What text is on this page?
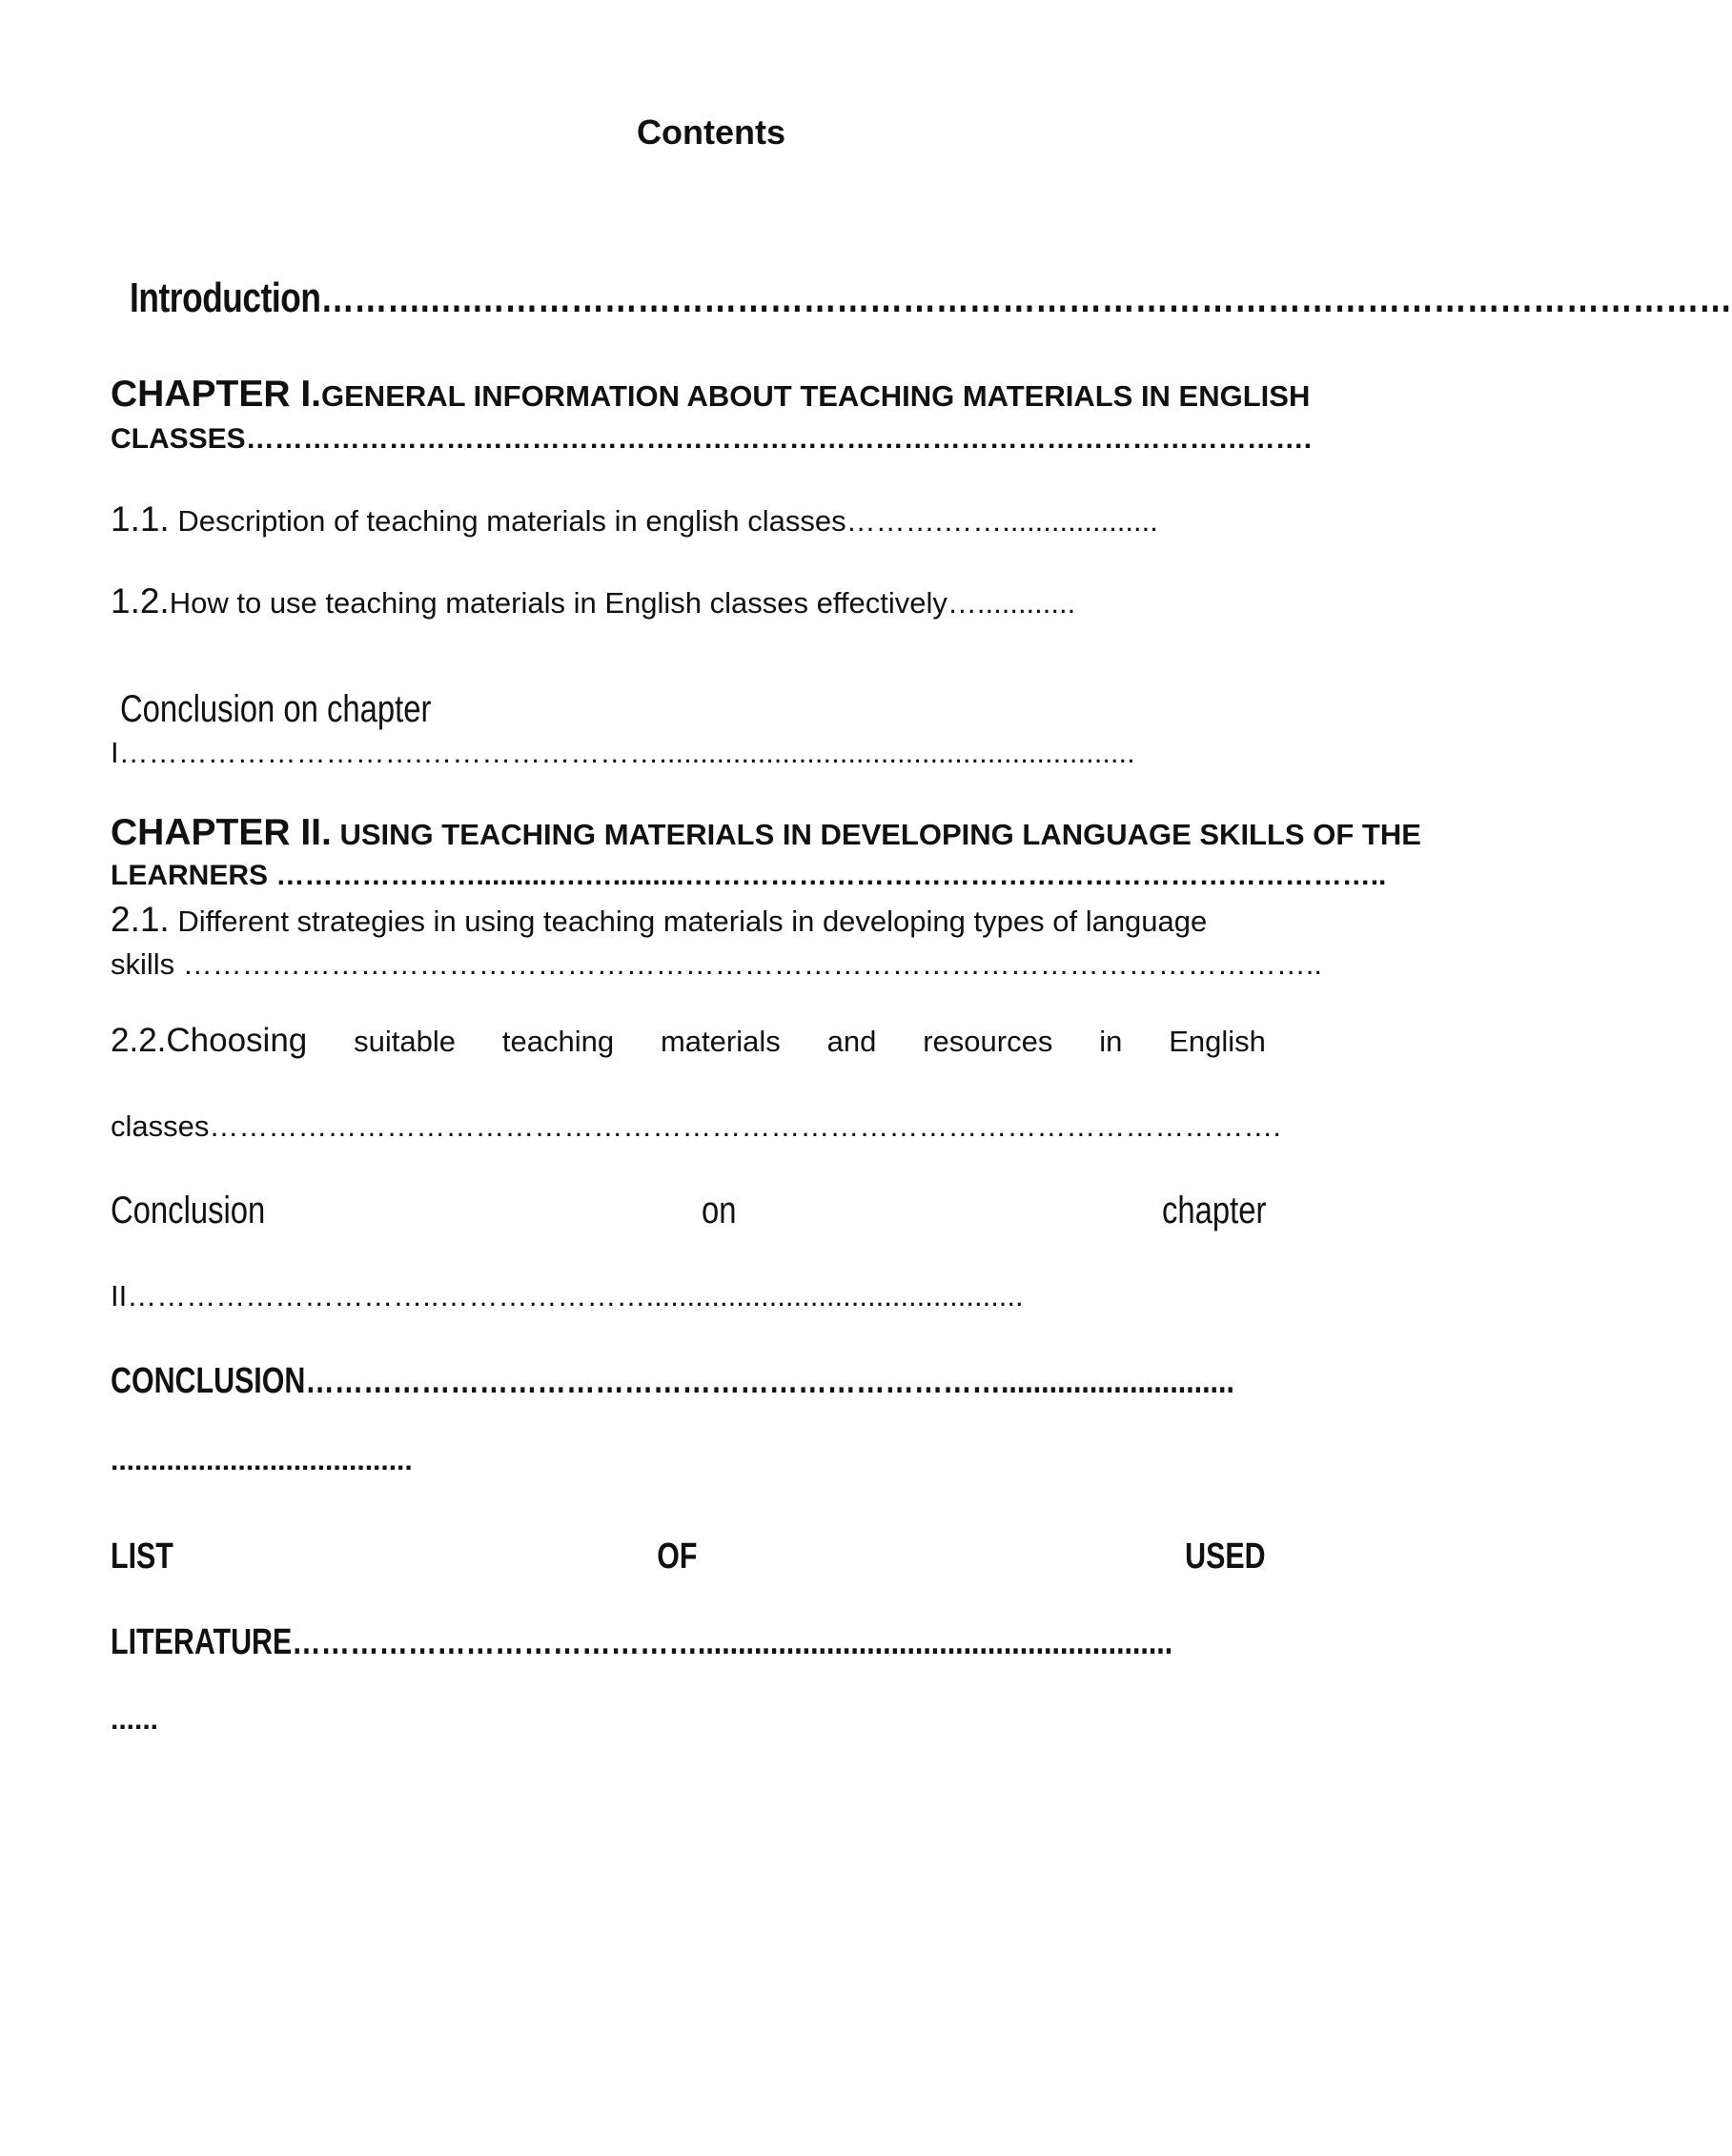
Contents
Introduction……….….……………………………………………………………………………………………………
CHAPTER I.GENERAL INFORMATION ABOUT TEACHING MATERIALS IN ENGLISH
CLASSES………………………………………………………………………………………………….
1.1. Description of teaching materials in english classes……….……...................
1.2.How to use teaching materials in English classes effectively…............
Conclusion on chapter
I………………………….……………………..........................................................
CHAPTER II. USING TEACHING MATERIALS IN DEVELOPING LANGUAGE SKILLS OF THE
LEARNERS ………………….........….….........………………………………………………………………..
2.1. Different strategies in using teaching materials in developing types of language
skills ……………………………………………………………………………………………………..
2.2.Choosing suitable teaching materials and resources in English
classes……………………………………………………………………………………………….
Conclusion	on	chapter
II…………………………..…………………..............................................
CONCLUSION……………………………………………………………….............................
......................................
LIST	OF	USED
LITERATURE……………………………………...........................................................
......
